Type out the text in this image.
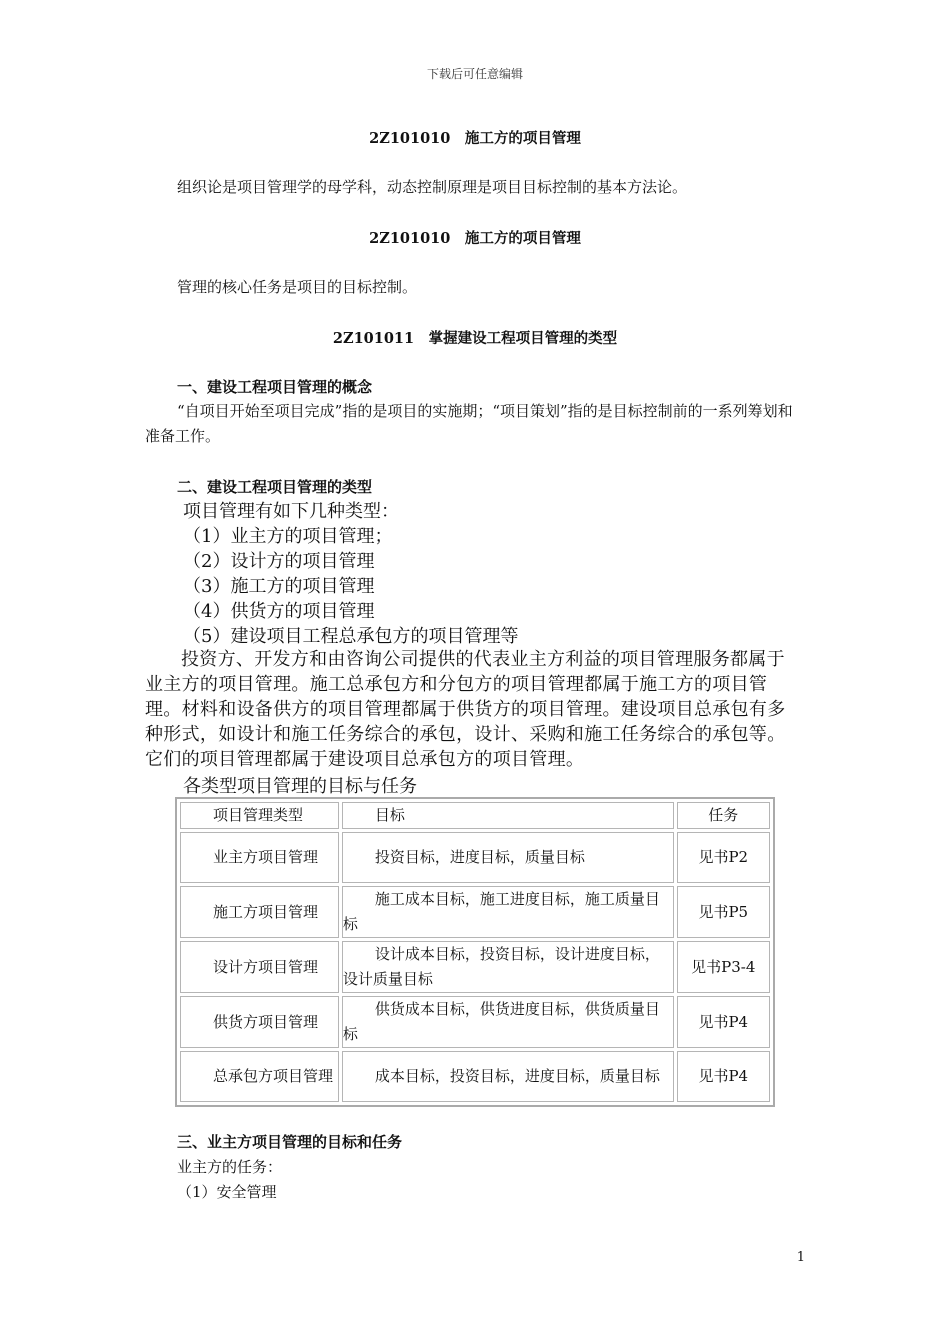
下载后可任意编辑
2Z101010　施工方的项目管理
组织论是项目管理学的母学科，动态控制原理是项目目标控制的基本方法论。
2Z101010　施工方的项目管理
管理的核心任务是项目的目标控制。
2Z101011　掌握建设工程项目管理的类型
一、建设工程项目管理的概念
“自项目开始至项目完成”指的是项目的实施期；“项目策划”指的是目标控制前的一系列筹划和准备工作。
二、建设工程项目管理的类型
项目管理有如下几种类型：
（1）业主方的项目管理；
（2）设计方的项目管理
（3）施工方的项目管理
（4）供货方的项目管理
（5）建设项目工程总承包方的项目管理等
投资方、开发方和由咨询公司提供的代表业主方利益的项目管理服务都属于业主方的项目管理。施工总承包方和分包方的项目管理都属于施工方的项目管理。材料和设备供方的项目管理都属于供货方的项目管理。建设项目总承包有多种形式，如设计和施工任务综合的承包，设计、采购和施工任务综合的承包等。它们的项目管理都属于建设项目总承包方的项目管理。
各类型项目管理的目标与任务
项目管理类型	目标	任务

业主方项目管理	投资目标，进度目标，质量目标	见书P2

施工方项目管理	施工成本目标，施工进度目标，施工质量目标	见书P5

设计方项目管理	设计成本目标，投资目标，设计进度目标，设计质量目标	见书P3-4

供货方项目管理	供货成本目标，供货进度目标，供货质量目标	见书P4

总承包方项目管理	成本目标，投资目标，进度目标，质量目标	见书P4
三、业主方项目管理的目标和任务
业主方的任务：
（1）安全管理
1
